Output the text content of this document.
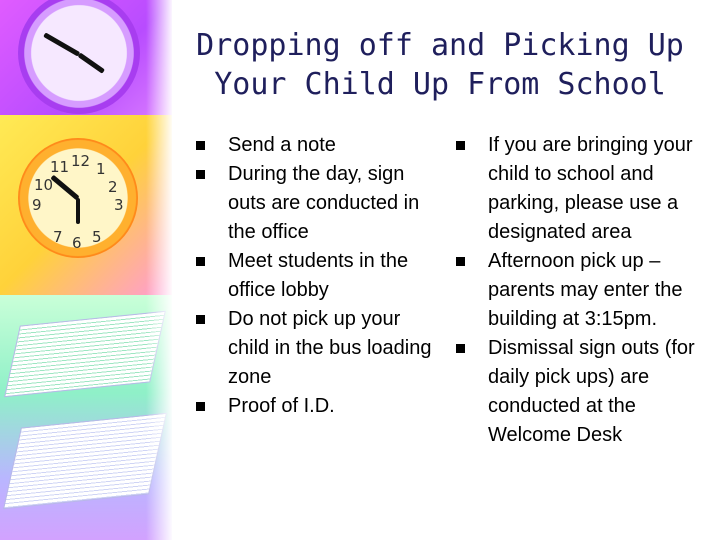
12 1
2
3
6
7
9
10
11
5
Dropping off and Picking Up
Your Child Up From School
Send a note
During the day, sign outs are conducted in the office
Meet students in the office lobby
Do not pick up your child in the bus loading zone
Proof of I.D.
If you are bringing your child to school and parking, please use a designated area
Afternoon pick up – parents may enter the building at 3:15pm.
Dismissal sign outs (for daily pick ups) are conducted at the Welcome Desk
